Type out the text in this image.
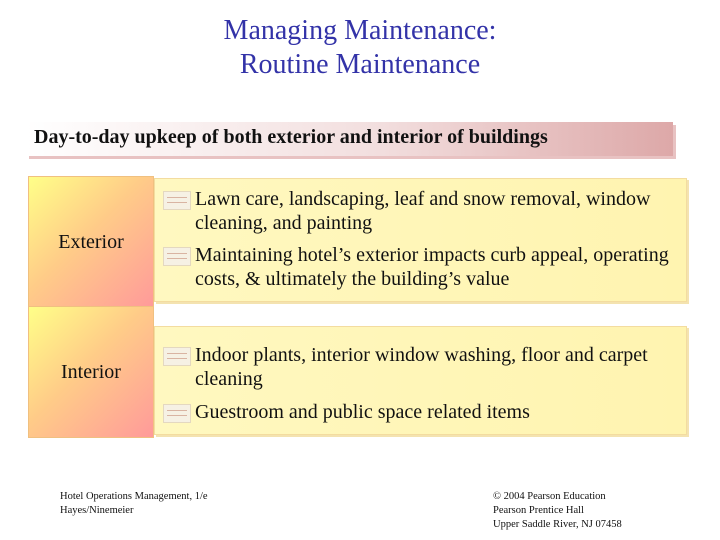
Managing Maintenance:
Routine Maintenance
Day-to-day upkeep of both exterior and interior of buildings
Exterior
Lawn care, landscaping, leaf and snow removal, window cleaning, and painting
Maintaining hotel’s exterior impacts curb appeal, operating costs, & ultimately the building’s value
Interior
Indoor plants, interior window washing, floor and carpet cleaning
Guestroom and public space related items
Hotel Operations Management, 1/e
Hayes/Ninemeier
© 2004 Pearson Education
Pearson Prentice Hall
Upper Saddle River, NJ 07458
